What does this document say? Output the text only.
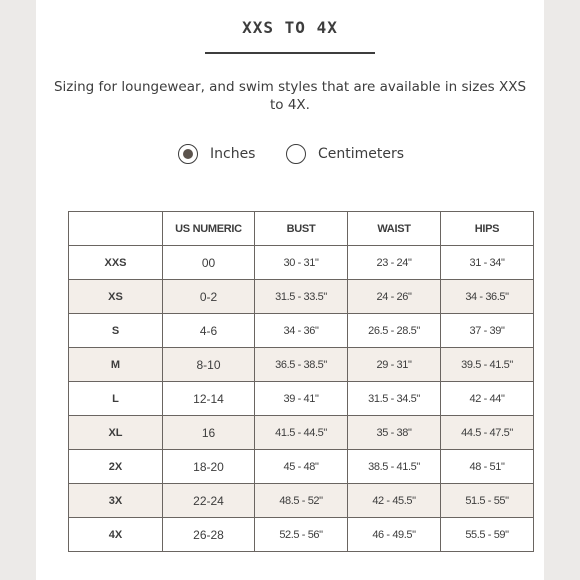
XXS TO 4X
Sizing for loungewear, and swim styles that are available in sizes XXS to 4X.
Inches	Centimeters
	US NUMERIC	BUST	WAIST	HIPS
XXS	00	30 - 31"	23 - 24"	31 - 34"
XS	0-2	31.5 - 33.5"	24 - 26"	34 - 36.5"
S	4-6	34 - 36"	26.5 - 28.5"	37 - 39"
M	8-10	36.5 - 38.5"	29 - 31"	39.5 - 41.5"
L	12-14	39 - 41"	31.5 - 34.5"	42 - 44"
XL	16	41.5 - 44.5"	35 - 38"	44.5 - 47.5"
2X	18-20	45 - 48"	38.5 - 41.5"	48 - 51"
3X	22-24	48.5 - 52"	42 - 45.5"	51.5 - 55"
4X	26-28	52.5 - 56"	46 - 49.5"	55.5 - 59"
